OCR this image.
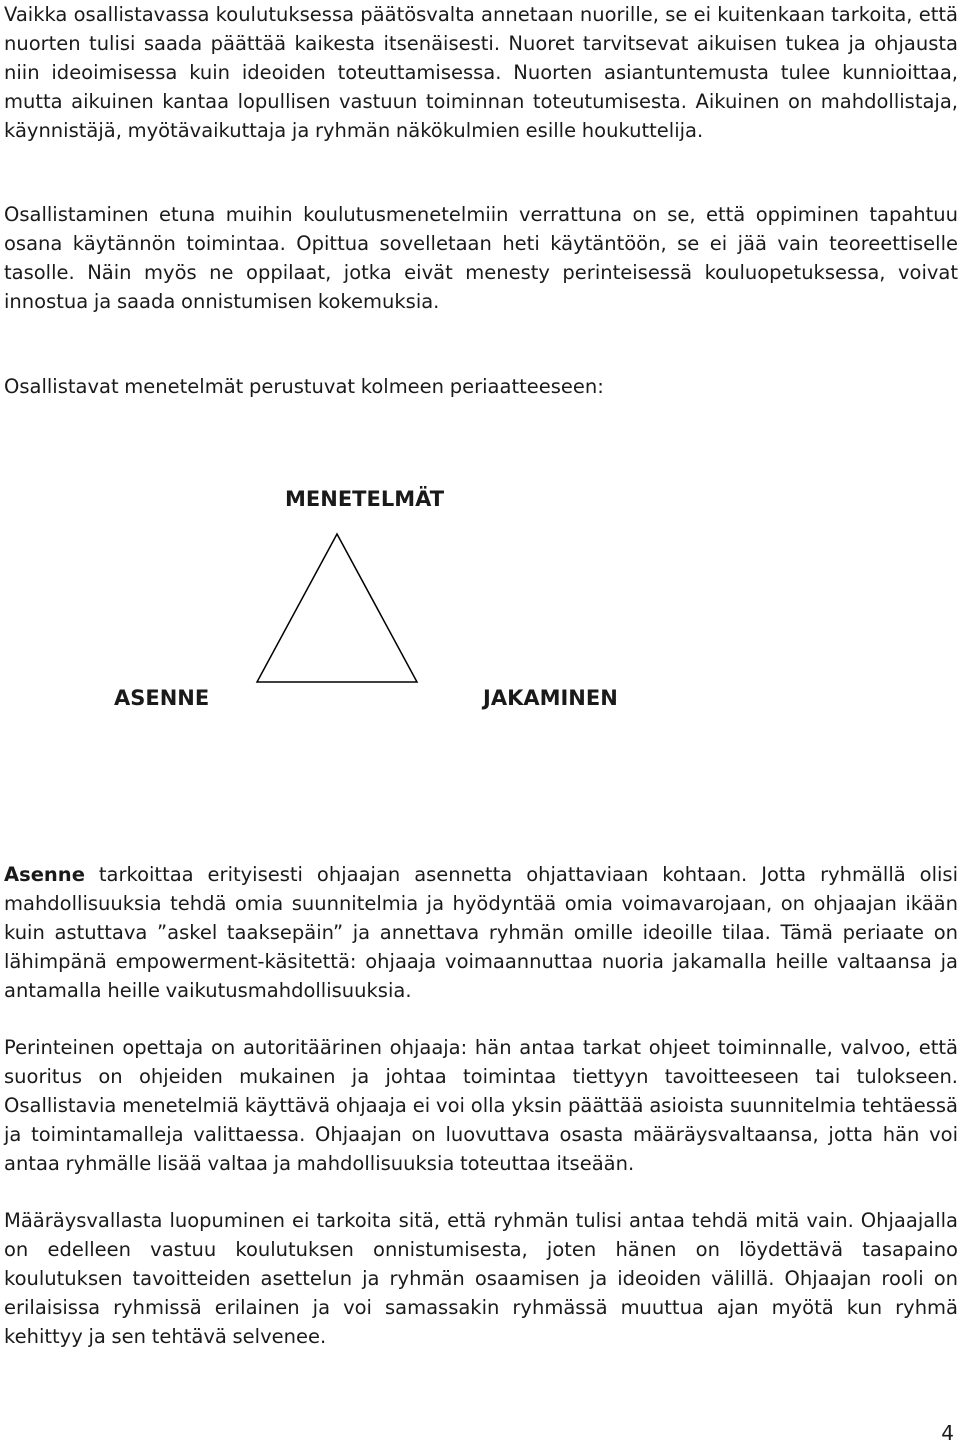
Vaikka osallistavassa koulutuksessa päätösvalta annetaan nuorille, se ei kuitenkaan tarkoita, että nuorten tulisi saada päättää kaikesta itsenäisesti. Nuoret tarvitsevat aikuisen tukea ja ohjausta niin ideoimisessa kuin ideoiden toteuttamisessa. Nuorten asiantuntemusta tulee kunnioittaa, mutta aikuinen kantaa lopullisen vastuun toiminnan toteutumisesta. Aikuinen on mahdollistaja, käynnistäjä, myötävaikuttaja ja ryhmän näkökulmien esille houkuttelija.

Osallistaminen etuna muihin koulutusmenetelmiin verrattuna on se, että oppiminen tapahtuu osana käytännön toimintaa. Opittua sovelletaan heti käytäntöön, se ei jää vain teoreettiselle tasolle. Näin myös ne oppilaat, jotka eivät menesty perinteisessä kouluopetuksessa, voivat innostua ja saada onnistumisen kokemuksia.

Osallistavat menetelmät perustuvat kolmeen periaatteeseen:

MENETELMÄT

ASENNE	JAKAMINEN

Asenne tarkoittaa erityisesti ohjaajan asennetta ohjattaviaan kohtaan. Jotta ryhmällä olisi mahdollisuuksia tehdä omia suunnitelmia ja hyödyntää omia voimavarojaan, on ohjaajan ikään kuin astuttava ”askel taaksepäin” ja annettava ryhmän omille ideoille tilaa. Tämä periaate on lähimpänä empowerment-käsitettä: ohjaaja voimaannuttaa nuoria jakamalla heille valtaansa ja antamalla heille vaikutusmahdollisuuksia.

Perinteinen opettaja on autoritäärinen ohjaaja: hän antaa tarkat ohjeet toiminnalle, valvoo, että suoritus on ohjeiden mukainen ja johtaa toimintaa tiettyyn tavoitteeseen tai tulokseen. Osallistavia menetelmiä käyttävä ohjaaja ei voi olla yksin päättää asioista suunnitelmia tehtäessä ja toimintamalleja valittaessa. Ohjaajan on luovuttava osasta määräysvaltaansa, jotta hän voi antaa ryhmälle lisää valtaa ja mahdollisuuksia toteuttaa itseään.

Määräysvallasta luopuminen ei tarkoita sitä, että ryhmän tulisi antaa tehdä mitä vain. Ohjaajalla on edelleen vastuu koulutuksen onnistumisesta, joten hänen on löydettävä tasapaino koulutuksen tavoitteiden asettelun ja ryhmän osaamisen ja ideoiden välillä. Ohjaajan rooli on erilaisissa ryhmissä erilainen ja voi samassakin ryhmässä muuttua ajan myötä kun ryhmä kehittyy ja sen tehtävä selvenee.

4
